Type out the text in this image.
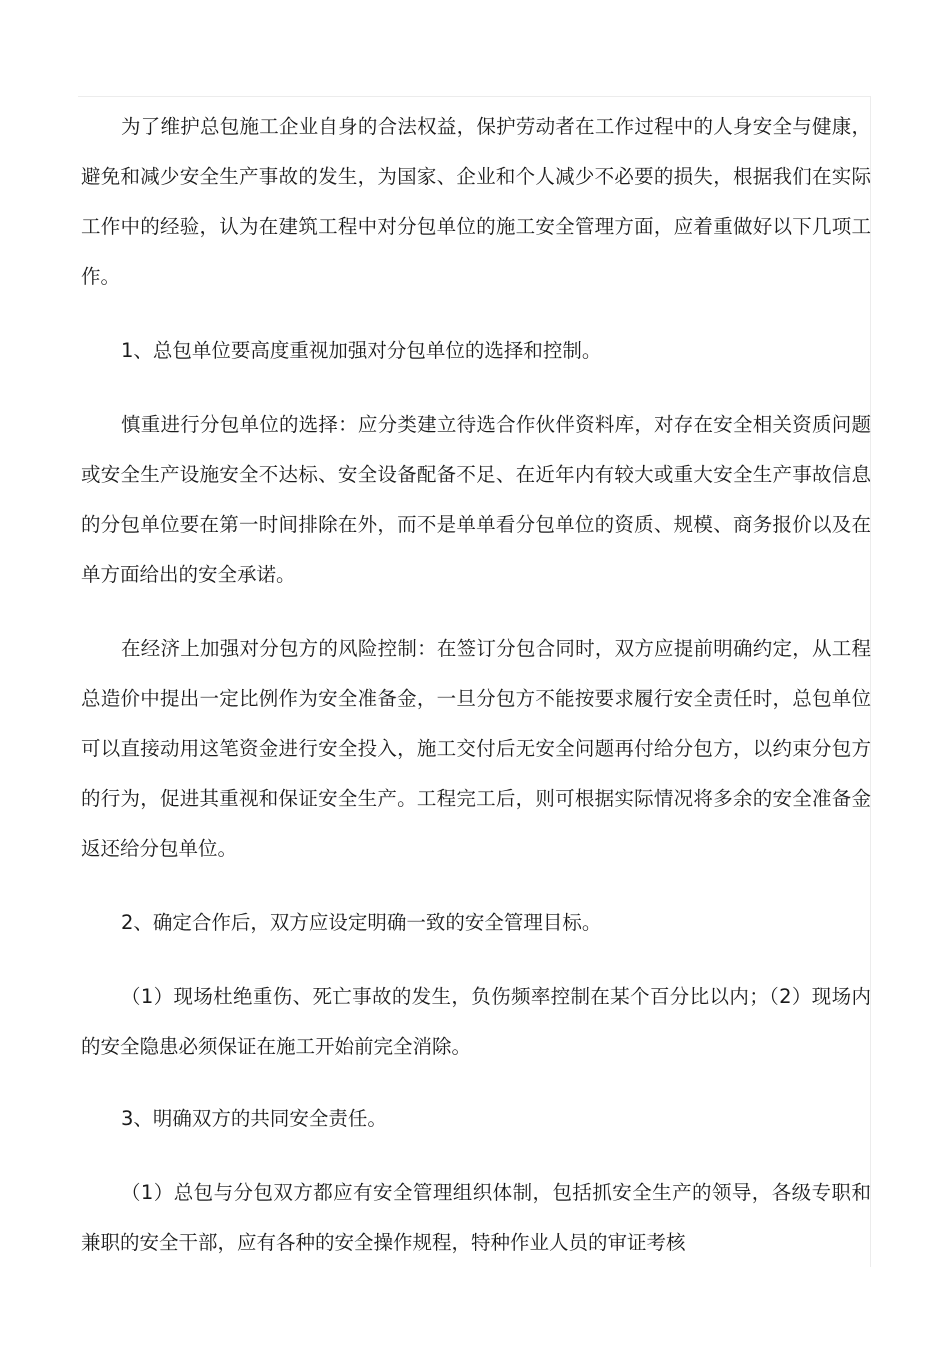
为了维护总包施工企业自身的合法权益，保护劳动者在工作过程中的人身安全与健康，避免和减少安全生产事故的发生，为国家、企业和个人减少不必要的损失，根据我们在实际工作中的经验，认为在建筑工程中对分包单位的施工安全管理方面，应着重做好以下几项工作。

1、总包单位要高度重视加强对分包单位的选择和控制。

慎重进行分包单位的选择：应分类建立待选合作伙伴资料库，对存在安全相关资质问题或安全生产设施安全不达标、安全设备配备不足、在近年内有较大或重大安全生产事故信息的分包单位要在第一时间排除在外，而不是单单看分包单位的资质、规模、商务报价以及在单方面给出的安全承诺。

在经济上加强对分包方的风险控制：在签订分包合同时，双方应提前明确约定，从工程总造价中提出一定比例作为安全准备金，一旦分包方不能按要求履行安全责任时，总包单位可以直接动用这笔资金进行安全投入，施工交付后无安全问题再付给分包方，以约束分包方的行为，促进其重视和保证安全生产。工程完工后，则可根据实际情况将多余的安全准备金返还给分包单位。

2、确定合作后，双方应设定明确一致的安全管理目标。

（1）现场杜绝重伤、死亡事故的发生，负伤频率控制在某个百分比以内；（2）现场内的安全隐患必须保证在施工开始前完全消除。

3、明确双方的共同安全责任。

（1）总包与分包双方都应有安全管理组织体制，包括抓安全生产的领导，各级专职和兼职的安全干部，应有各种的安全操作规程，特种作业人员的审证考核
